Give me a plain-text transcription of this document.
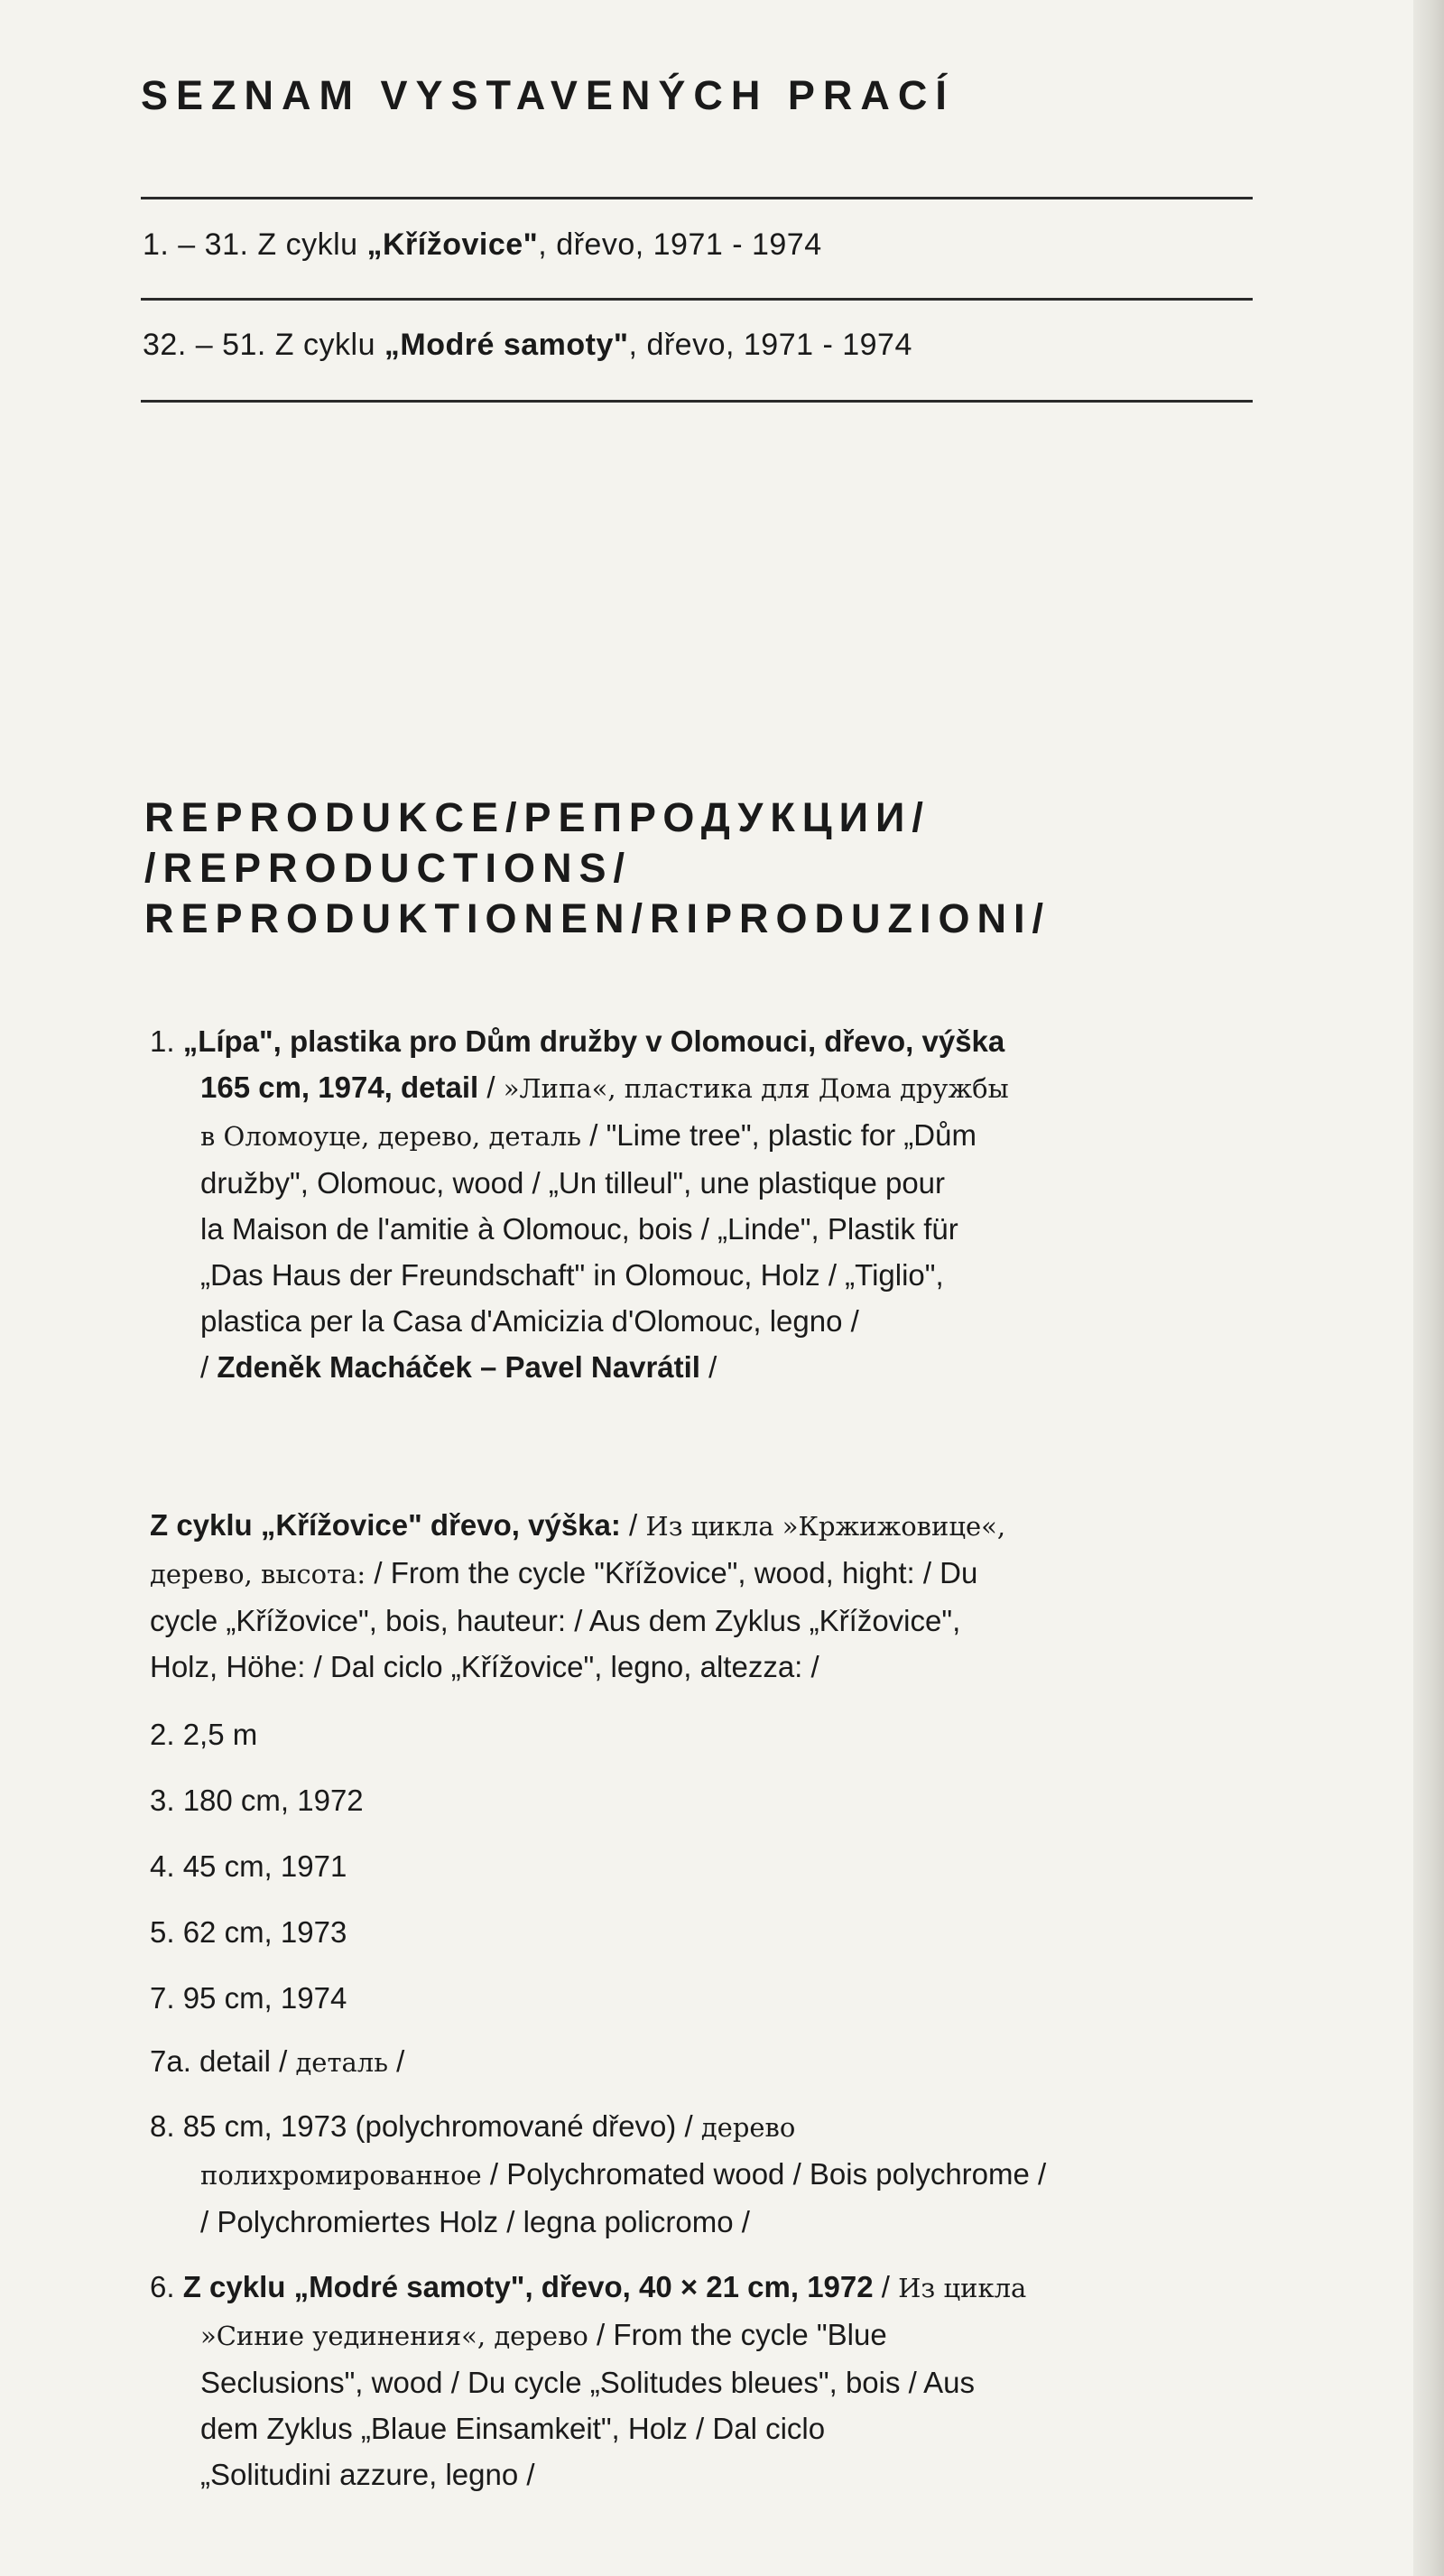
SEZNAM VYSTAVENÝCH PRACÍ
1. – 31. Z cyklu „Křížovice", dřevo, 1971 - 1974
32. – 51. Z cyklu „Modré samoty", dřevo, 1971 - 1974
REPRODUKCE/РЕПРОДУКЦИИ/
/REPRODUCTIONS/
REPRODUKTIONEN/RIPRODUZIONI/
1. „Lípa", plastika pro Dům družby v Olomouci, dřevo, výška
165 cm, 1974, detail / »Липа«, пластика для Дома дружбы
в Оломоуце, дерево, деталь / "Lime tree", plastic for „Dům
družby", Olomouc, wood / „Un tilleul", une plastique pour
la Maison de l'amitie à Olomouc, bois / „Linde", Plastik für
„Das Haus der Freundschaft" in Olomouc, Holz / „Tiglio",
plastica per la Casa d'Amicizia d'Olomouc, legno /
/ Zdeněk Macháček – Pavel Navrátil /
Z cyklu „Křížovice" dřevo, výška: / Из цикла »Кржижовице«,
дерево, высота: / From the cycle "Křížovice", wood, hight: / Du
cycle „Křížovice", bois, hauteur: / Aus dem Zyklus „Křížovice",
Holz, Höhe: / Dal ciclo „Křížovice", legno, altezza: /
2. 2,5 m
3. 180 cm, 1972
4. 45 cm, 1971
5. 62 cm, 1973
7. 95 cm, 1974
7a. detail / деталь /
8. 85 cm, 1973 (polychromované dřevo) / дерево
полихромированное / Polychromated wood / Bois polychrome /
/ Polychromiertes Holz / legna policromo /
6. Z cyklu „Modré samoty", dřevo, 40 × 21 cm, 1972 / Из цикла
»Синие уединения«, дерево / From the cycle "Blue
Seclusions", wood / Du cycle „Solitudes bleues", bois / Aus
dem Zyklus „Blaue Einsamkeit", Holz / Dal ciclo
„Solitudini azzure, legno /
